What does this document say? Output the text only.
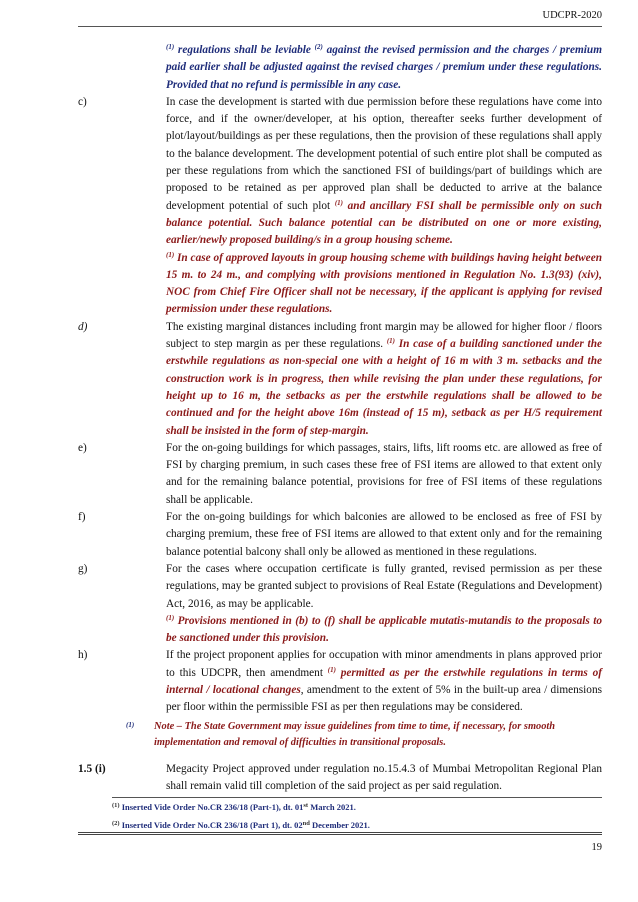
UDCPR-2020

$^{(1)}$ regulations shall be leviable $^{(2)}$ against the revised permission and the charges / premium paid earlier shall be adjusted against the revised charges / premium under these regulations. Provided that no refund is permissible in any case.

c)	In case the development is started with due permission before these regulations have come into force, and if the owner/developer, at his option, thereafter seeks further development of plot/layout/buildings as per these regulations, then the provision of these regulations shall apply to the balance development. The development potential of such entire plot shall be computed as per these regulations from which the sanctioned FSI of buildings/part of buildings which are proposed to be retained as per approved plan shall be deducted to arrive at the balance development potential of such plot $^{(1)}$ and ancillary FSI shall be permissible only on such balance potential. Such balance potential can be distributed on one or more existing, earlier/newly proposed building/s in a group housing scheme.

$^{(1)}$ In case of approved layouts in group housing scheme with buildings having height between 15 m. to 24 m., and complying with provisions mentioned in Regulation No. 1.3(93) (xiv), NOC from Chief Fire Officer shall not be necessary, if the applicant is applying for revised permission under these regulations.

d)	The existing marginal distances including front margin may be allowed for higher floor / floors subject to step margin as per these regulations. $^{(1)}$ In case of a building sanctioned under the erstwhile regulations as non-special one with a height of 16 m with 3 m. setbacks and the construction work is in progress, then while revising the plan under these regulations, for height up to 16 m, the setbacks as per the erstwhile regulations shall be allowed to be continued and for the height above 16m (instead of 15 m), setback as per H/5 requirement shall be insisted in the form of step-margin.
e)	For the on-going buildings for which passages, stairs, lifts, lift rooms etc. are allowed as free of FSI by charging premium, in such cases these free of FSI items are allowed to that extent only and for the remaining balance potential, provisions for free of FSI items of these regulations shall be applicable.
f)	For the on-going buildings for which balconies are allowed to be enclosed as free of FSI by charging premium, these free of FSI items are allowed to that extent only and for the remaining balance potential balcony shall only be allowed as mentioned in these regulations.
g)	For the cases where occupation certificate is fully granted, revised permission as per these regulations, may be granted subject to provisions of Real Estate (Regulations and Development) Act, 2016, as may be applicable.

$^{(1)}$ Provisions mentioned in (b) to (f) shall be applicable mutatis-mutandis to the proposals to be sanctioned under this provision.

h)	If the project proponent applies for occupation with minor amendments in plans approved prior to this UDCPR, then amendment $^{(1)}$ permitted as per the erstwhile regulations in terms of internal / locational changes, amendment to the extent of 5% in the built-up area / dimensions per floor within the permissible FSI as per then regulations may be considered.
(1) Note – The State Government may issue guidelines from time to time, if necessary, for smooth implementation and removal of difficulties in transitional proposals.
1.5 (i)	Megacity Project approved under regulation no.15.4.3 of Mumbai Metropolitan Regional Plan shall remain valid till completion of the said project as per said regulation.
$^{(1)}$ Inserted Vide Order No.CR 236/18 (Part-1), dt. 01st March 2021.
$^{(2)}$ Inserted Vide Order No.CR 236/18 (Part 1), dt. 02nd December 2021.
19
